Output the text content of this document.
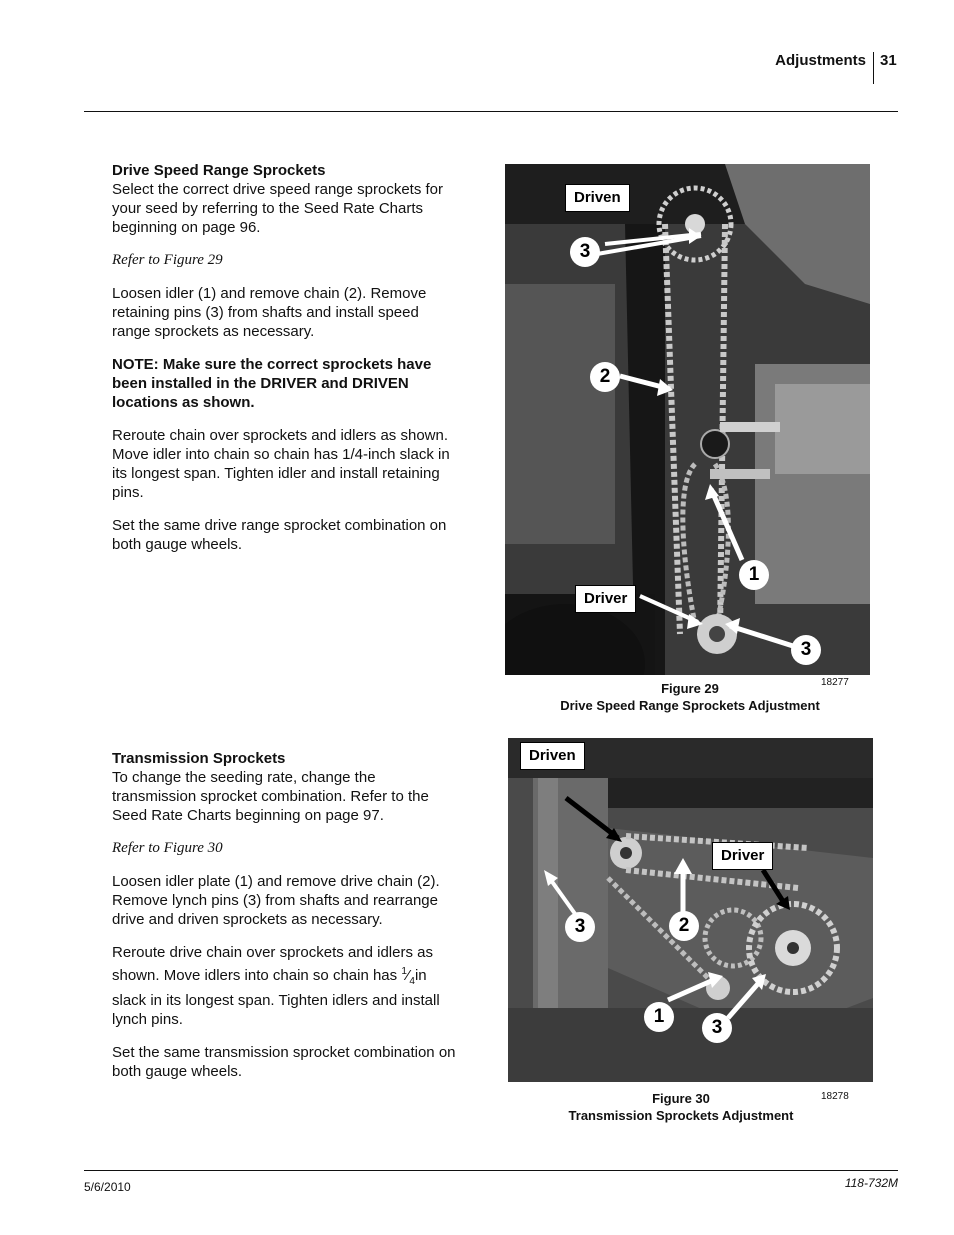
Adjustments 31
Drive Speed Range Sprockets

Select the correct drive speed range sprockets for your seed by referring to the Seed Rate Charts beginning on page 96.

Refer to Figure 29

Loosen idler (1) and remove chain (2). Remove retaining pins (3) from shafts and install speed range sprockets as necessary.

NOTE: Make sure the correct sprockets have been installed in the DRIVER and DRIVEN locations as shown.

Reroute chain over sprockets and idlers as shown. Move idler into chain so chain has 1/4-inch slack in its longest span. Tighten idler and install retaining pins.

Set the same drive range sprocket combination on both gauge wheels.

Driven
3
2
1
Driver
3
18277
Figure 29
Drive Speed Range Sprockets Adjustment
Transmission Sprockets

To change the seeding rate, change the transmission sprocket combination. Refer to the Seed Rate Charts beginning on page 97.

Refer to Figure 30

Loosen idler plate (1) and remove drive chain (2). Remove lynch pins (3) from shafts and rearrange drive and driven sprockets as necessary.

Reroute drive chain over sprockets and idlers as shown. Move idlers into chain so chain has $^1⁄_4in$ slack in its longest span. Tighten idlers and install lynch pins.

Set the same transmission sprocket combination on both gauge wheels.

Driven
Driver
3	2
1
3
18278
Figure 30
Transmission Sprockets Adjustment
5/6/2010	118-732M
